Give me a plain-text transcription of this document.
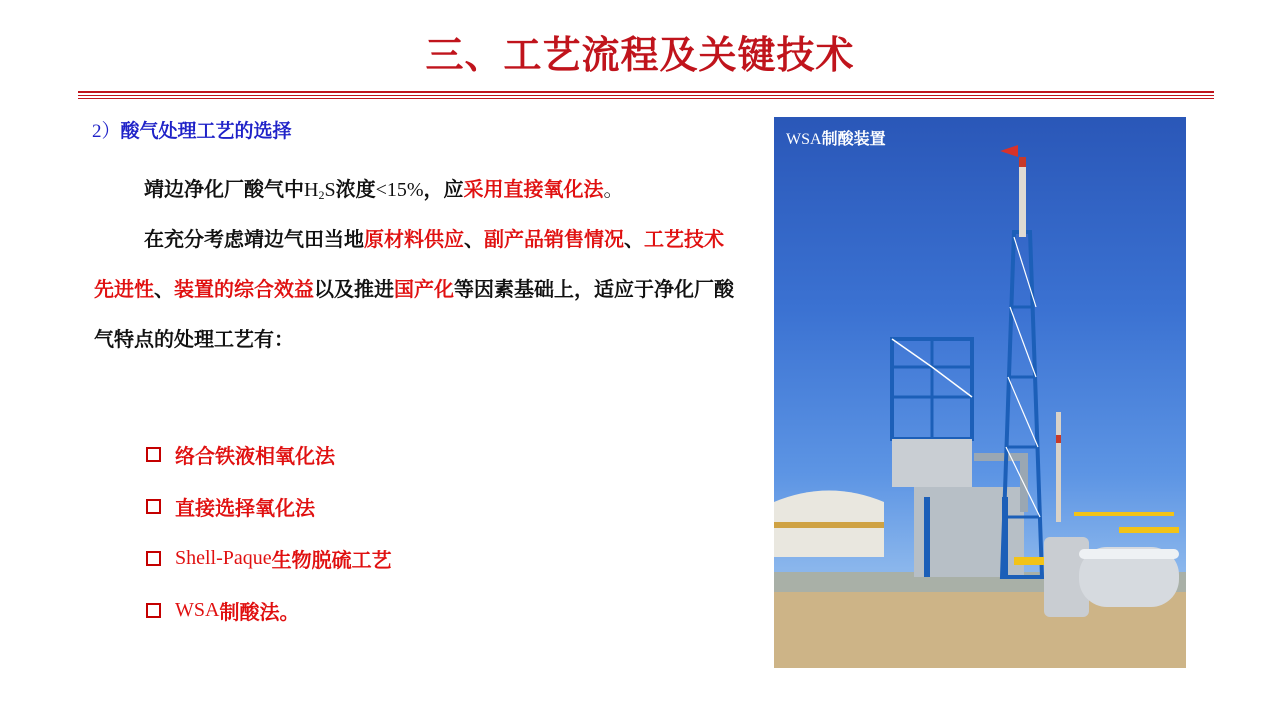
三、工艺流程及关键技术
2）酸气处理工艺的选择
靖边净化厂酸气中$H_2S$浓度<15%，应采用直接氧化法。
在充分考虑靖边气田当地原材料供应、副产品销售情况、工艺技术先进性、装置的综合效益以及推进国产化等因素基础上，适应于净化厂酸气特点的处理工艺有：
络合铁液相氧化法
直接选择氧化法
Shell-Paque 生物脱硫工艺
WSA 制酸法。
WSA制酸装置
